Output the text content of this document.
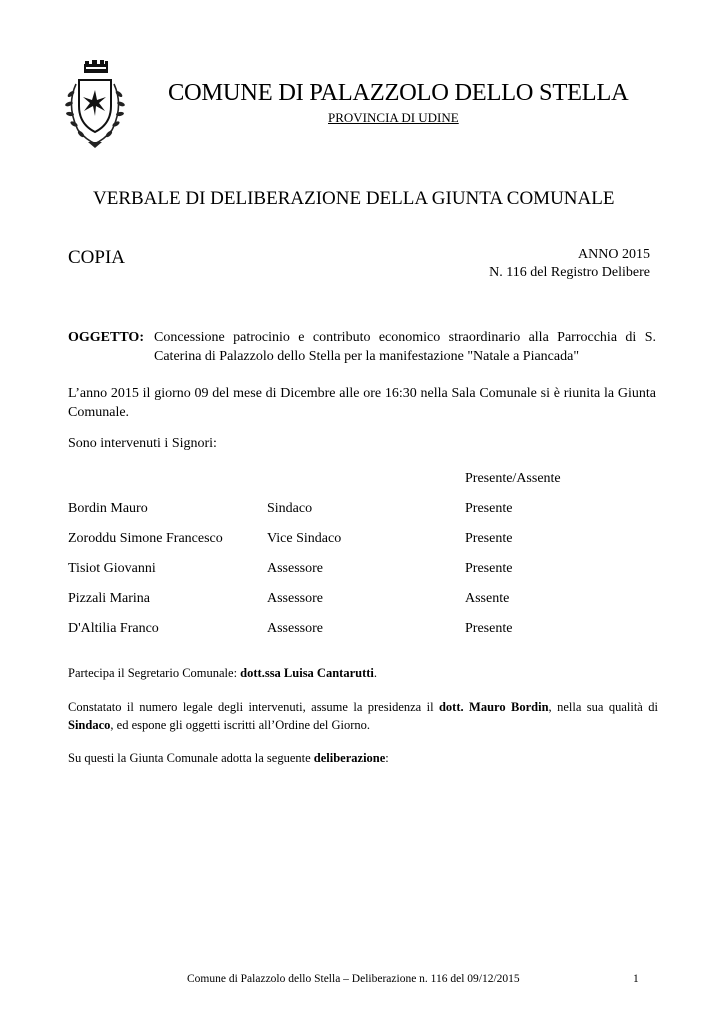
COMUNE DI PALAZZOLO DELLO STELLA
PROVINCIA DI UDINE
VERBALE DI DELIBERAZIONE DELLA GIUNTA COMUNALE
COPIA	ANNO 2015
N. 116 del Registro Delibere
OGGETTO: Concessione patrocinio e contributo economico straordinario alla Parrocchia di S. Caterina di Palazzolo dello Stella per la manifestazione "Natale a Piancada"
L’anno 2015 il giorno 09 del mese di Dicembre alle ore 16:30 nella Sala Comunale si è riunita la Giunta Comunale.
Sono intervenuti i Signori:
Presente/Assente
Bordin Mauro	Sindaco	Presente
Zoroddu Simone Francesco	Vice Sindaco	Presente
Tisiot Giovanni	Assessore	Presente
Pizzali Marina	Assessore	Assente
D'Altilia Franco	Assessore	Presente
Partecipa il Segretario Comunale: dott.ssa Luisa Cantarutti.
Constatato il numero legale degli intervenuti, assume la presidenza il dott. Mauro Bordin, nella sua qualità di Sindaco, ed espone gli oggetti iscritti all’Ordine del Giorno.
Su questi la Giunta Comunale adotta la seguente deliberazione:
Comune di Palazzolo dello Stella – Deliberazione n. 116 del 09/12/2015	1
